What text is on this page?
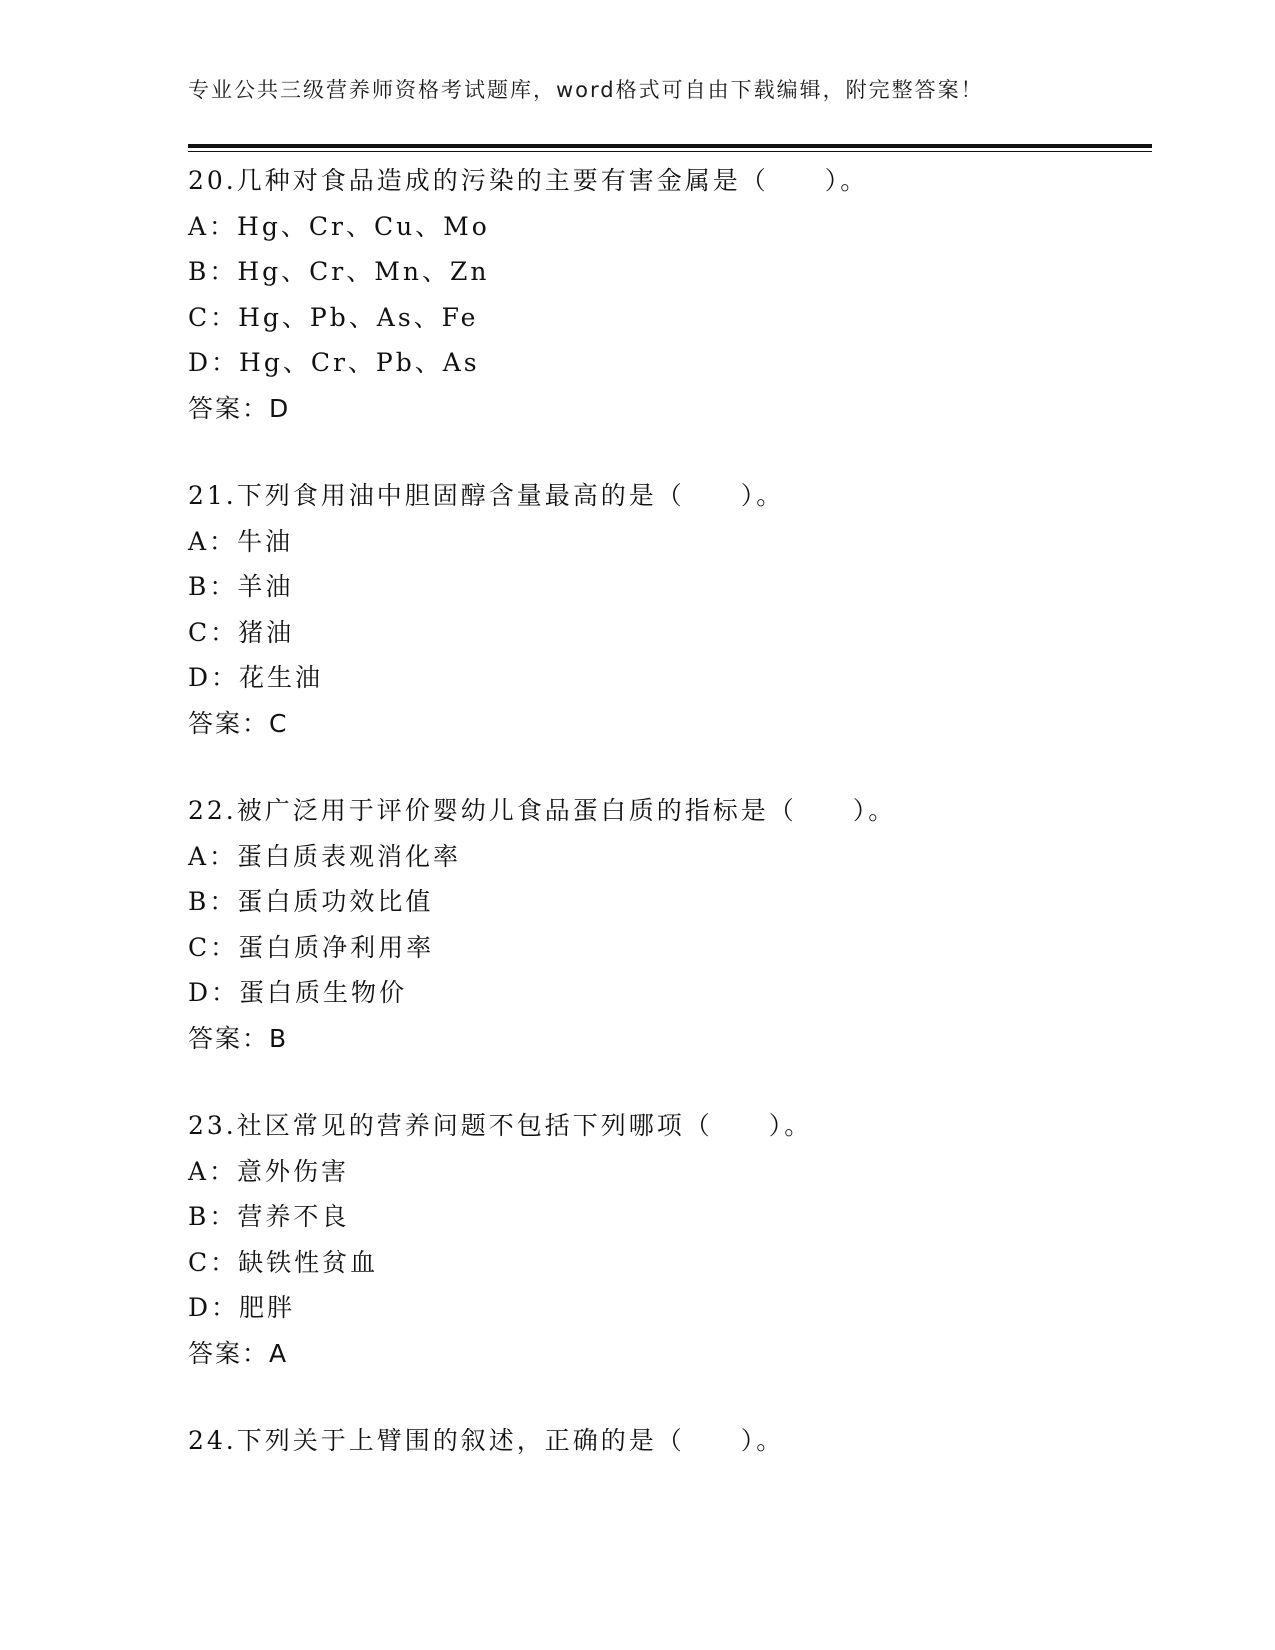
专业公共三级营养师资格考试题库，word格式可自由下载编辑，附完整答案！
20.几种对食品造成的污染的主要有害金属是（　　）。
A：Hg、Cr、Cu、Mo
B：Hg、Cr、Mn、Zn
C：Hg、Pb、As、Fe
D：Hg、Cr、Pb、As
答案：D
21.下列食用油中胆固醇含量最高的是（　　）。
A：牛油
B：羊油
C：猪油
D：花生油
答案：C
22.被广泛用于评价婴幼儿食品蛋白质的指标是（　　）。
A：蛋白质表观消化率
B：蛋白质功效比值
C：蛋白质净利用率
D：蛋白质生物价
答案：B
23.社区常见的营养问题不包括下列哪项（　　）。
A：意外伤害
B：营养不良
C：缺铁性贫血
D：肥胖
答案：A
24.下列关于上臂围的叙述，正确的是（　　）。
